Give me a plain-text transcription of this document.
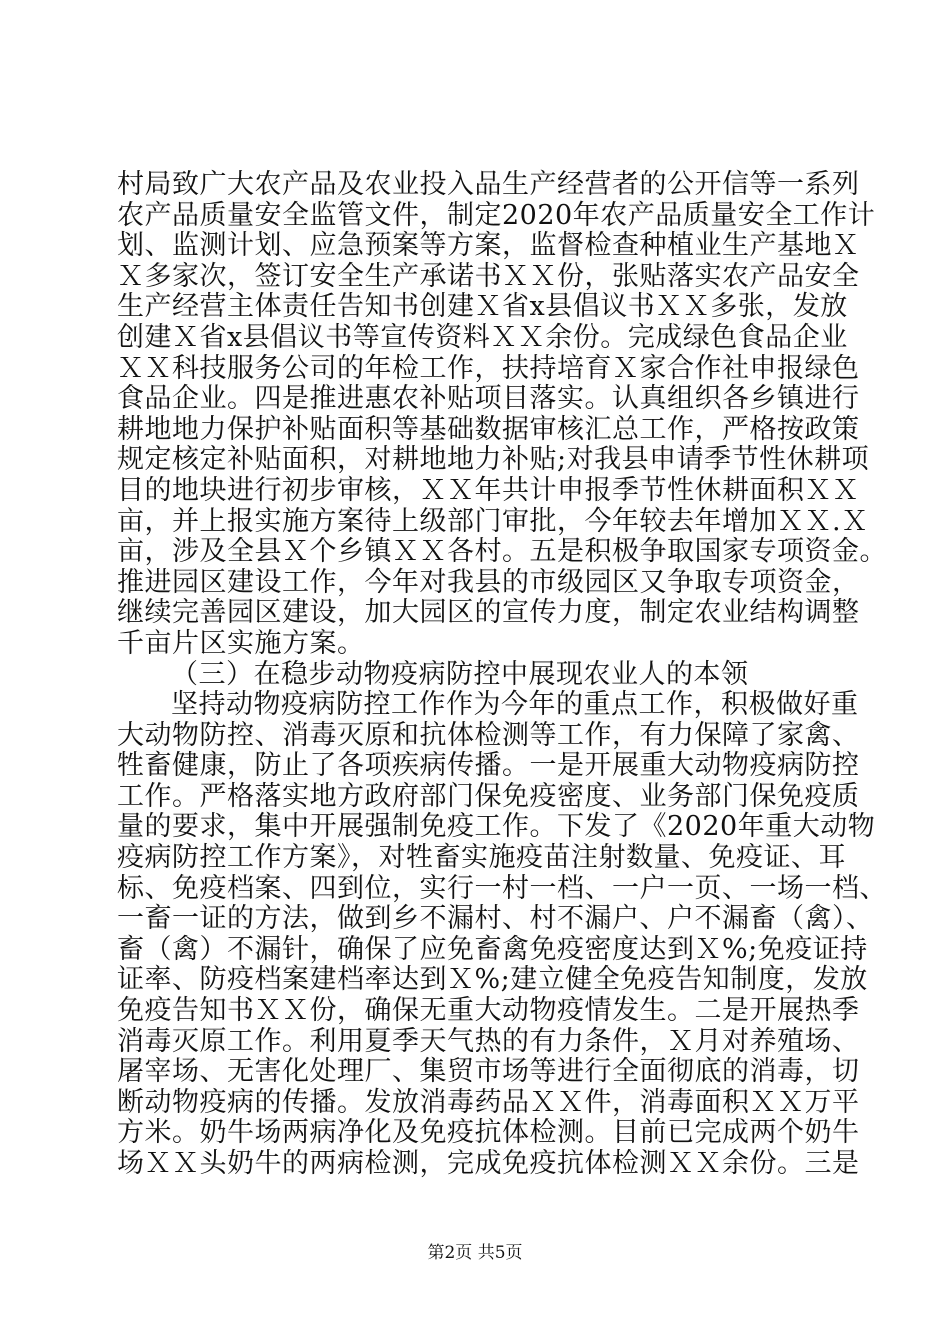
村局致广大农产品及农业投入品生产经营者的公开信等一系列
农产品质量安全监管文件，制定2020年农产品质量安全工作计
划、监测计划、应急预案等方案，监督检查种植业生产基地Ｘ
Ｘ多家次，签订安全生产承诺书ＸＸ份，张贴落实农产品安全
生产经营主体责任告知书创建Ｘ省x县倡议书ＸＸ多张，发放
创建Ｘ省x县倡议书等宣传资料ＸＸ余份。完成绿色食品企业
ＸＸ科技服务公司的年检工作，扶持培育Ｘ家合作社申报绿色
食品企业。四是推进惠农补贴项目落实。认真组织各乡镇进行
耕地地力保护补贴面积等基础数据审核汇总工作，严格按政策
规定核定补贴面积，对耕地地力补贴;对我县申请季节性休耕项
目的地块进行初步审核，ＸＸ年共计申报季节性休耕面积ＸＸ
亩，并上报实施方案待上级部门审批，今年较去年增加ＸＸ.Ｘ
亩，涉及全县Ｘ个乡镇ＸＸ各村。五是积极争取国家专项资金。
推进园区建设工作，今年对我县的市级园区又争取专项资金，
继续完善园区建设，加大园区的宣传力度，制定农业结构调整
千亩片区实施方案。
（三）在稳步动物疫病防控中展现农业人的本领
坚持动物疫病防控工作作为今年的重点工作，积极做好重
大动物防控、消毒灭原和抗体检测等工作，有力保障了家禽、
牲畜健康，防止了各项疾病传播。一是开展重大动物疫病防控
工作。严格落实地方政府部门保免疫密度、业务部门保免疫质
量的要求，集中开展强制免疫工作。下发了《2020年重大动物
疫病防控工作方案》，对牲畜实施疫苗注射数量、免疫证、耳
标、免疫档案、四到位，实行一村一档、一户一页、一场一档、
一畜一证的方法，做到乡不漏村、村不漏户、户不漏畜（禽）、
畜（禽）不漏针，确保了应免畜禽免疫密度达到Ｘ%;免疫证持
证率、防疫档案建档率达到Ｘ%;建立健全免疫告知制度，发放
免疫告知书ＸＸ份，确保无重大动物疫情发生。二是开展热季
消毒灭原工作。利用夏季天气热的有力条件，Ｘ月对养殖场、
屠宰场、无害化处理厂、集贸市场等进行全面彻底的消毒，切
断动物疫病的传播。发放消毒药品ＸＸ件，消毒面积ＸＸ万平
方米。奶牛场两病净化及免疫抗体检测。目前已完成两个奶牛
场ＸＸ头奶牛的两病检测，完成免疫抗体检测ＸＸ余份。三是
第2页 共5页
